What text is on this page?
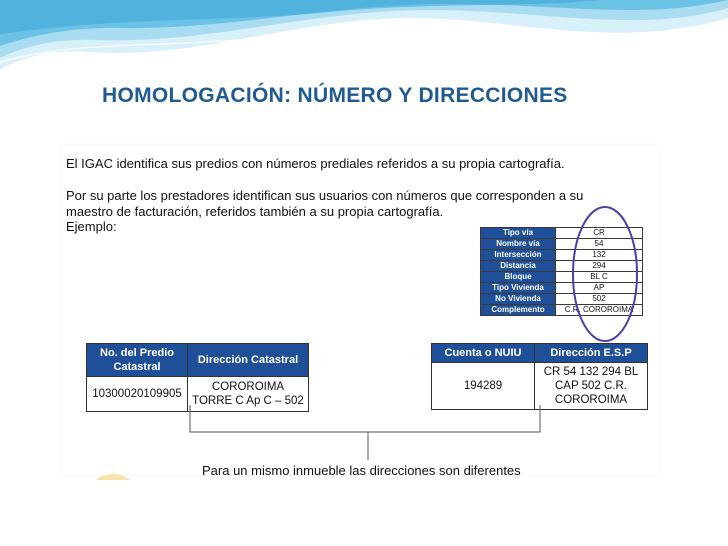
HOMOLOGACIÓN: NÚMERO Y DIRECCIONES
El IGAC identifica sus predios con números prediales referidos a su propia cartografía.
Por su parte los prestadores identifican sus usuarios con números que corresponden a su
maestro de facturación, referidos también a su propia cartografía.
Ejemplo:	Tipo vía	CR
Nombre vía	54
Intersección	132
Distancia	294
Bloque	BL C
Tipo Vivienda	AP
No Vivienda	502
Complemento	C.R. COROROIMA
No. del Predio Catastral	Dirección Catastral
10300020109905	COROROIMA TORRE C Ap C – 502
Cuenta o NUIU	Dirección E.S.P
194289	CR 54 132 294 BL CAP 502 C.R. COROROIMA
Para un mismo inmueble las direcciones son diferentes
